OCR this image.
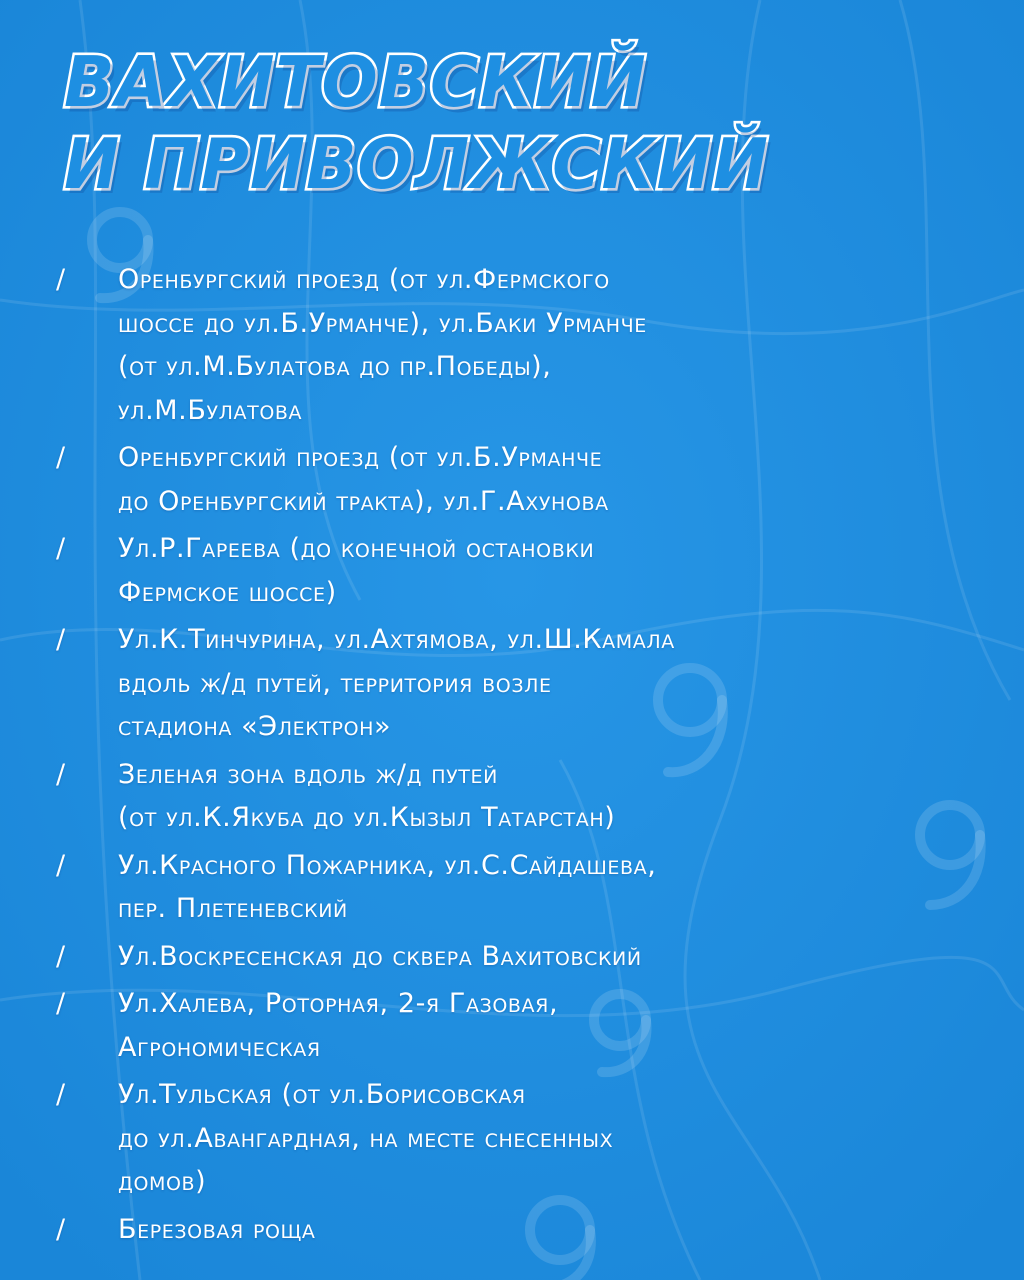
ВАХИТОВСКИЙ
И ПРИВОЛЖСКИЙ
/ Оренбургский проезд (от ул.Фермского
шоссе до ул.Б.Урманче), ул.Баки Урманче
(от ул.М.Булатова до пр.Победы),
ул.М.Булатова
/ Оренбургский проезд (от ул.Б.Урманче
до Оренбургский тракта), ул.Г.Ахунова
/ Ул.Р.Гареева (до конечной остановки
Фермское шоссе)
/ Ул.К.Тинчурина, ул.Ахтямова, ул.Ш.Камала
вдоль ж/д путей, территория возле
стадиона «Электрон»
/ Зеленая зона вдоль ж/д путей
(от ул.К.Якуба до ул.Кызыл Татарстан)
/ Ул.Красного Пожарника, ул.С.Сайдашева,
пер. Плетеневский
/ Ул.Воскресенская до сквера Вахитовский
/ Ул.Халева, Роторная, 2-я Газовая,
Агрономическая
/ Ул.Тульская (от ул.Борисовская
до ул.Авангардная, на месте снесенных
домов)
/ Березовая роща
